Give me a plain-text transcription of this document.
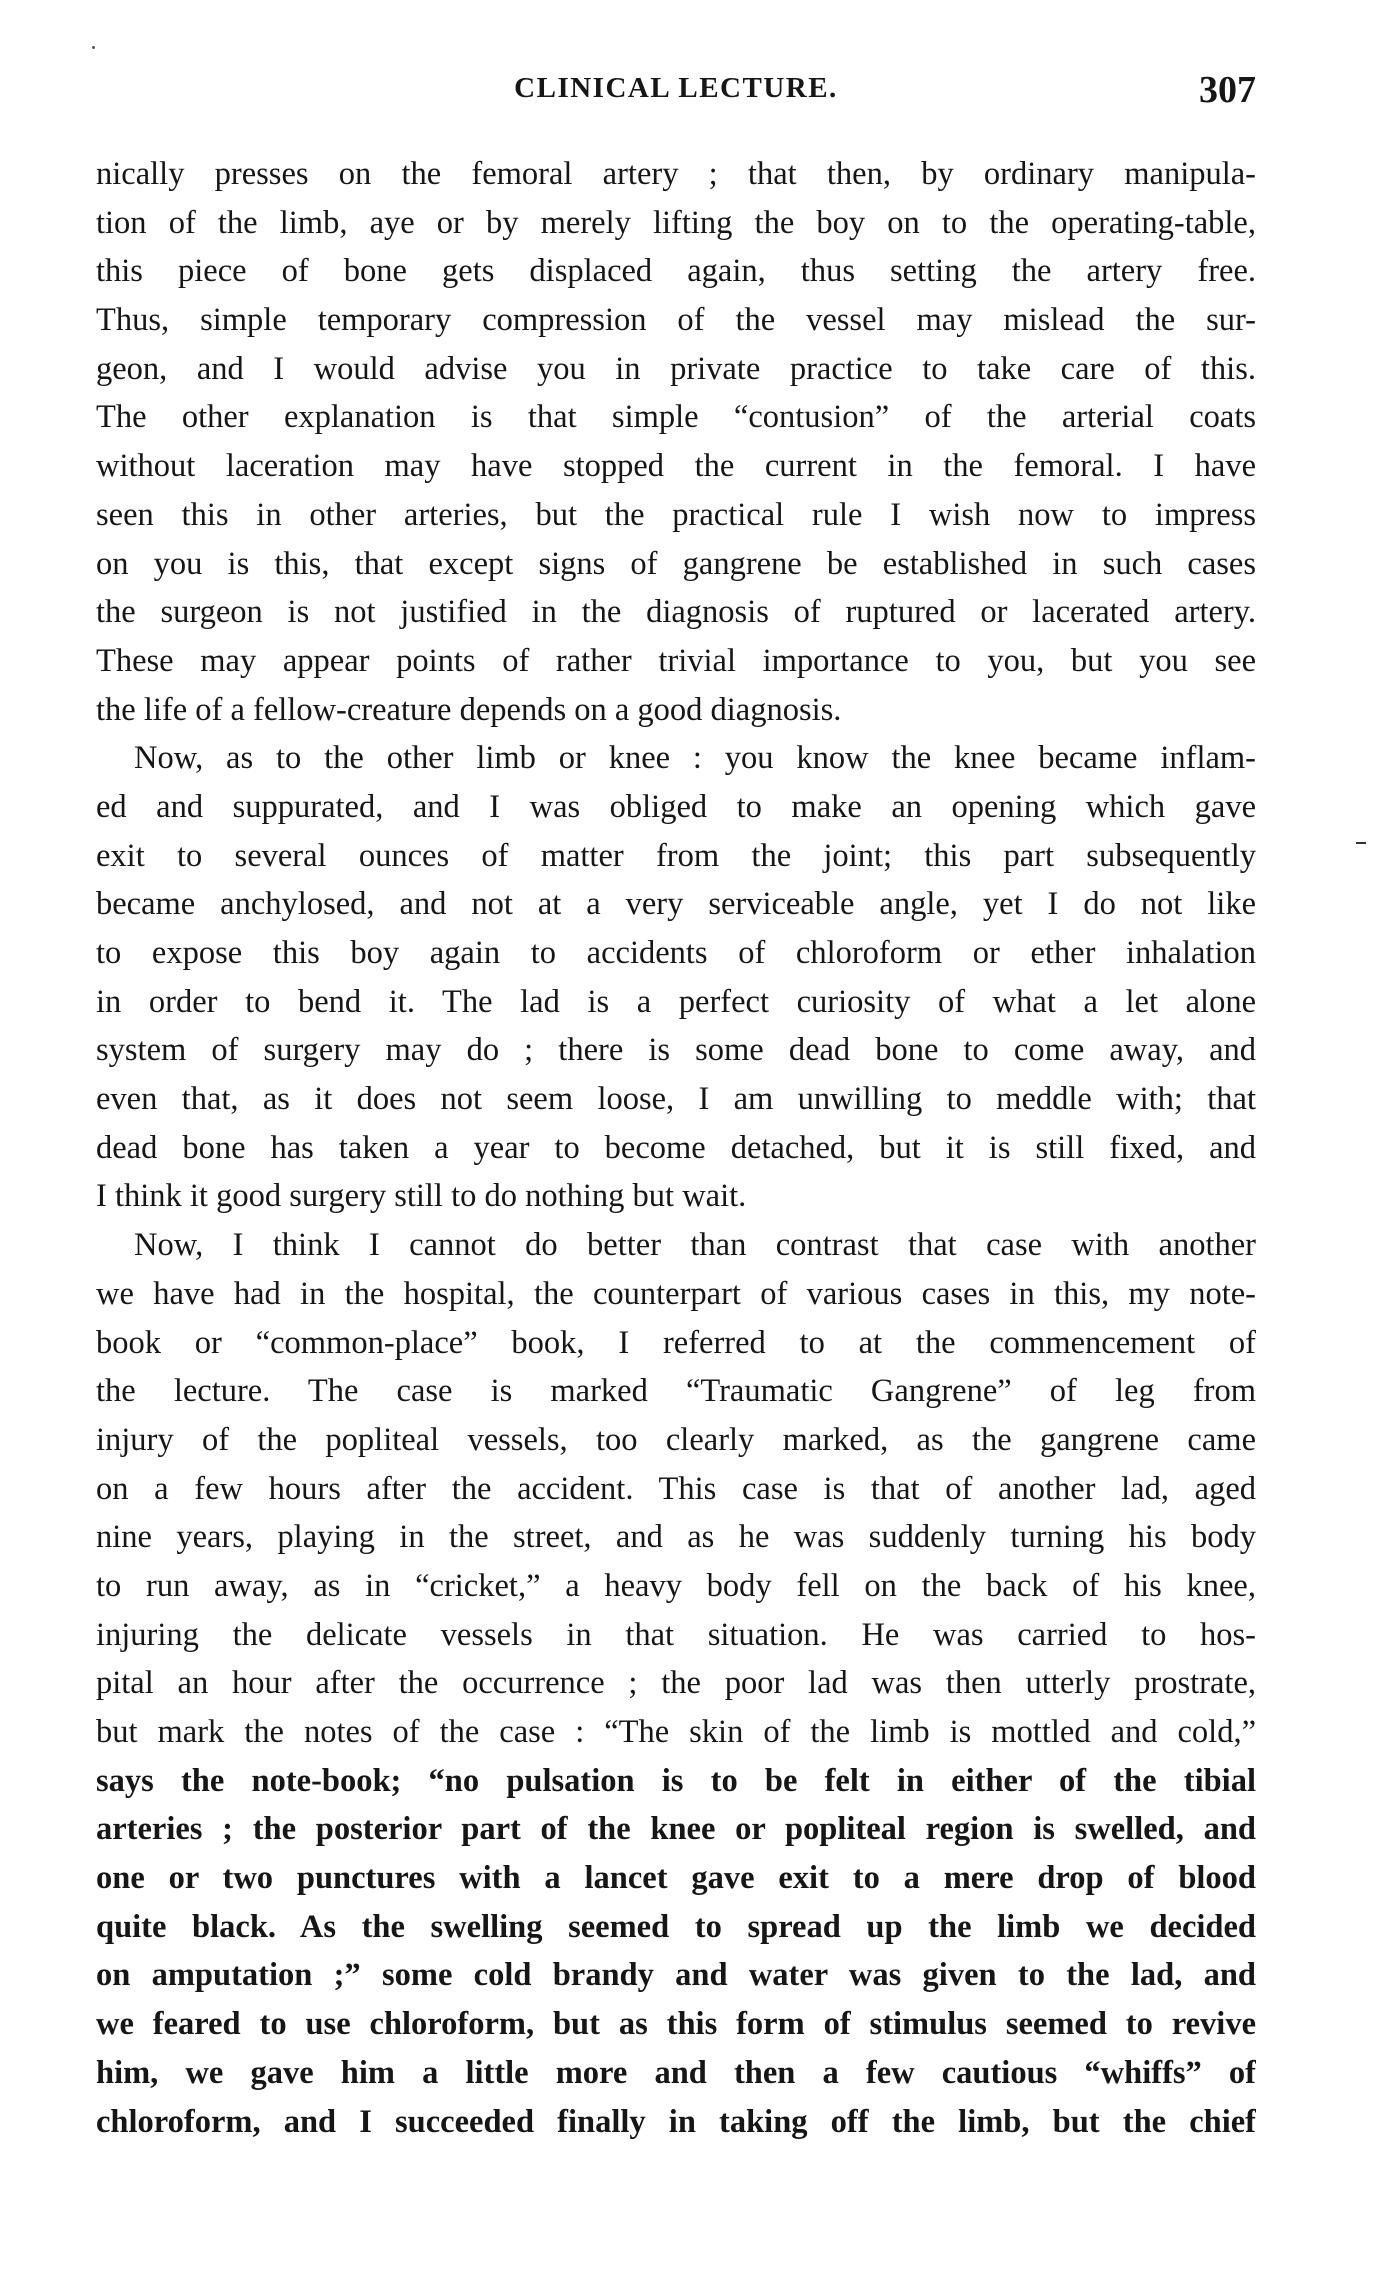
CLINICAL LECTURE.	307
nically presses on the femoral artery ; that then, by ordinary manipula-
tion of the limb, aye or by merely lifting the boy on to the operating-table,
this piece of bone gets displaced again, thus setting the artery free.
Thus, simple temporary compression of the vessel may mislead the sur-
geon, and I would advise you in private practice to take care of this.
The other explanation is that simple “contusion” of the arterial coats
without laceration may have stopped the current in the femoral. I have
seen this in other arteries, but the practical rule I wish now to impress
on you is this, that except signs of gangrene be established in such cases
the surgeon is not justified in the diagnosis of ruptured or lacerated artery.
These may appear points of rather trivial importance to you, but you see
the life of a fellow-creature depends on a good diagnosis.
Now, as to the other limb or knee : you know the knee became inflam-
ed and suppurated, and I was obliged to make an opening which gave
exit to several ounces of matter from the joint; this part subsequently
became anchylosed, and not at a very serviceable angle, yet I do not like
to expose this boy again to accidents of chloroform or ether inhalation
in order to bend it. The lad is a perfect curiosity of what a let alone
system of surgery may do ; there is some dead bone to come away, and
even that, as it does not seem loose, I am unwilling to meddle with; that
dead bone has taken a year to become detached, but it is still fixed, and
I think it good surgery still to do nothing but wait.
Now, I think I cannot do better than contrast that case with another
we have had in the hospital, the counterpart of various cases in this, my note-
book or “common-place” book, I referred to at the commencement of
the lecture. The case is marked “Traumatic Gangrene” of leg from
injury of the popliteal vessels, too clearly marked, as the gangrene came
on a few hours after the accident. This case is that of another lad, aged
nine years, playing in the street, and as he was suddenly turning his body
to run away, as in “cricket,” a heavy body fell on the back of his knee,
injuring the delicate vessels in that situation. He was carried to hos-
pital an hour after the occurrence ; the poor lad was then utterly prostrate,
but mark the notes of the case : “The skin of the limb is mottled and cold,”
says the note-book; “no pulsation is to be felt in either of the tibial
arteries ; the posterior part of the knee or popliteal region is swelled, and
one or two punctures with a lancet gave exit to a mere drop of blood
quite black. As the swelling seemed to spread up the limb we decided
on amputation ;” some cold brandy and water was given to the lad, and
we feared to use chloroform, but as this form of stimulus seemed to revive
him, we gave him a little more and then a few cautious “whiffs” of
chloroform, and I succeeded finally in taking off the limb, but the chief
